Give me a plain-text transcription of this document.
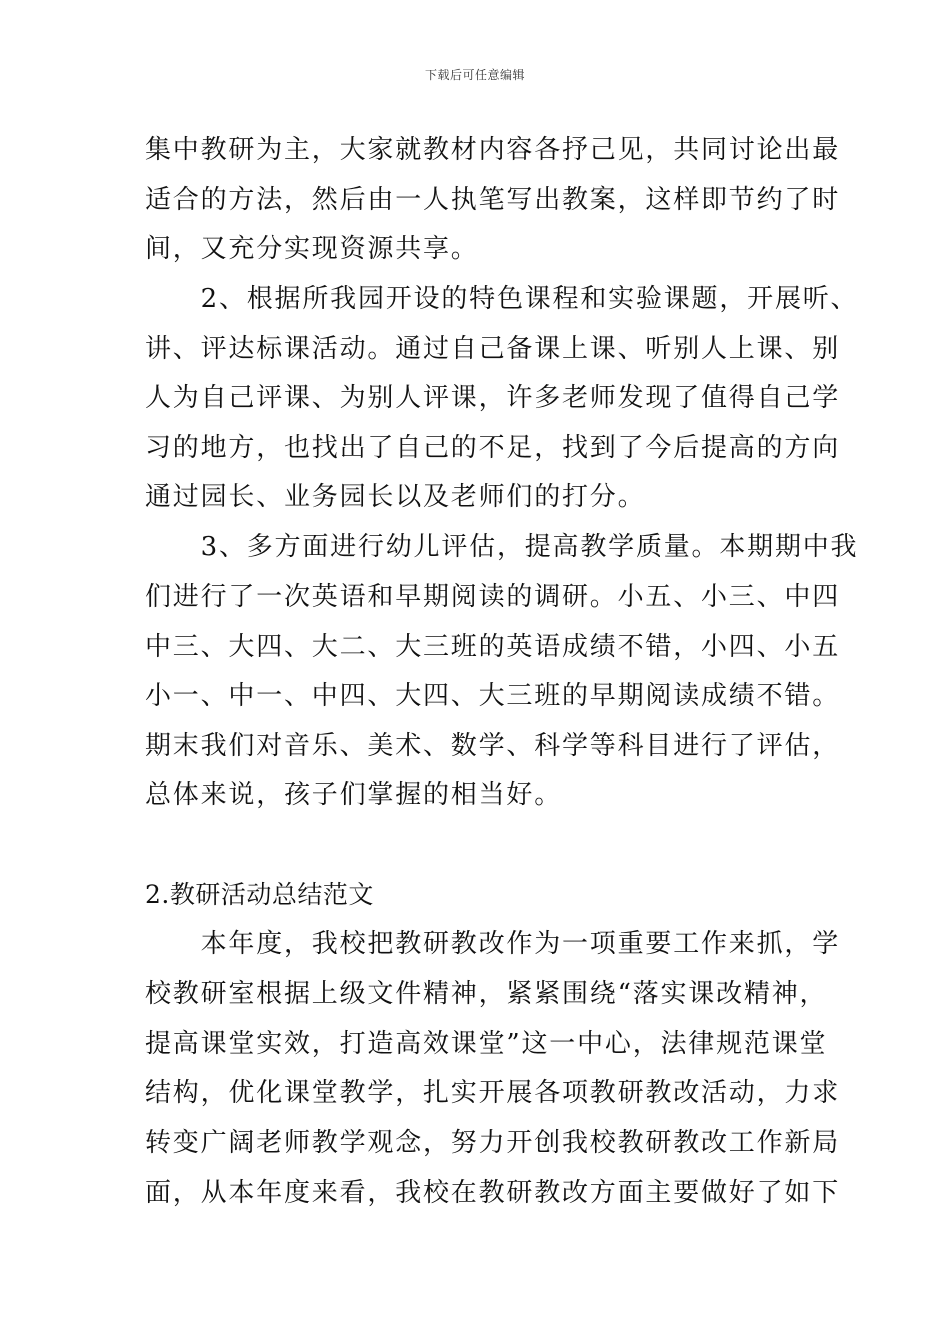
下载后可任意编辑
集中教研为主，大家就教材内容各抒己见，共同讨论出最
适合的方法，然后由一人执笔写出教案，这样即节约了时
间，又充分实现资源共享。
　　2、根据所我园开设的特色课程和实验课题，开展听、
讲、评达标课活动。通过自己备课上课、听别人上课、别
人为自己评课、为别人评课，许多老师发现了值得自己学
习的地方，也找出了自己的不足，找到了今后提高的方向
通过园长、业务园长以及老师们的打分。
　　3、多方面进行幼儿评估，提高教学质量。本期期中我
们进行了一次英语和早期阅读的调研。小五、小三、中四
中三、大四、大二、大三班的英语成绩不错，小四、小五
小一、中一、中四、大四、大三班的早期阅读成绩不错。
期末我们对音乐、美术、数学、科学等科目进行了评估，
总体来说，孩子们掌握的相当好。
2.教研活动总结范文
　　本年度，我校把教研教改作为一项重要工作来抓，学
校教研室根据上级文件精神，紧紧围绕“落实课改精神，
提高课堂实效，打造高效课堂”这一中心，法律规范课堂
结构，优化课堂教学，扎实开展各项教研教改活动，力求
转变广阔老师教学观念，努力开创我校教研教改工作新局
面，从本年度来看，我校在教研教改方面主要做好了如下
